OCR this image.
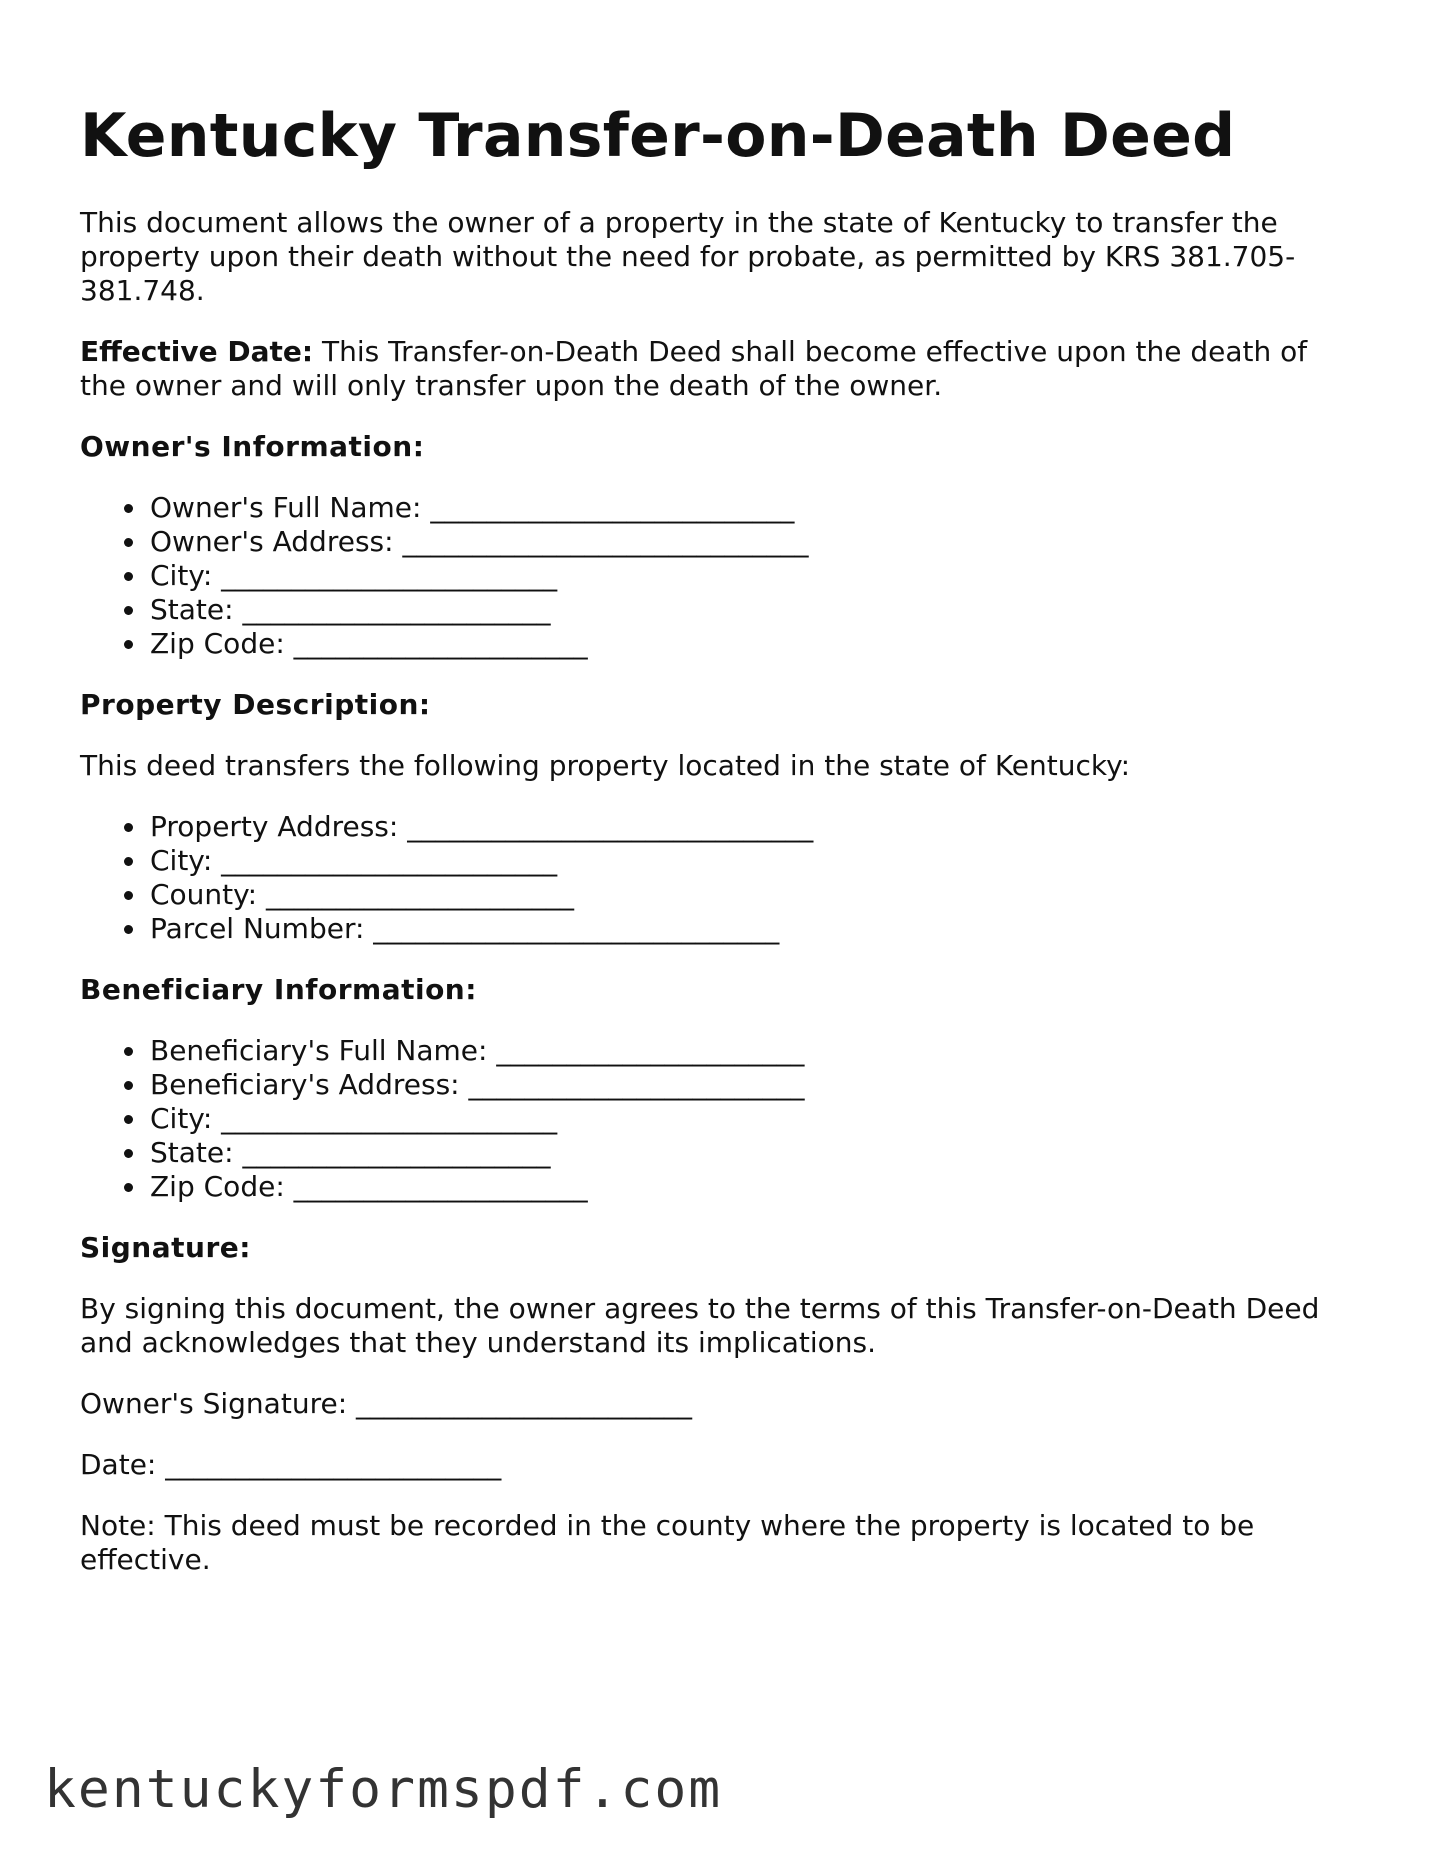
Kentucky Transfer-on-Death Deed

This document allows the owner of a property in the state of Kentucky to transfer the property upon their death without the need for probate, as permitted by KRS 381.705-381.748.

Effective Date: This Transfer-on-Death Deed shall become effective upon the death of the owner and will only transfer upon the death of the owner.

Owner's Information:
Owner's Full Name: __________________________
Owner's Address: _____________________________
City: ________________________
State: ______________________
Zip Code: _____________________
Property Description:

This deed transfers the following property located in the state of Kentucky:

Property Address: _____________________________
City: ________________________
County: ______________________
Parcel Number: _____________________________
Beneficiary Information:
Beneficiary's Full Name: ______________________
Beneficiary's Address: ________________________
City: ________________________
State: ______________________
Zip Code: _____________________
Signature:

By signing this document, the owner agrees to the terms of this Transfer-on-Death Deed and acknowledges that they understand its implications.

Owner's Signature: ________________________

Date: ________________________

Note: This deed must be recorded in the county where the property is located to be effective.

kentuckyformspdf.com
